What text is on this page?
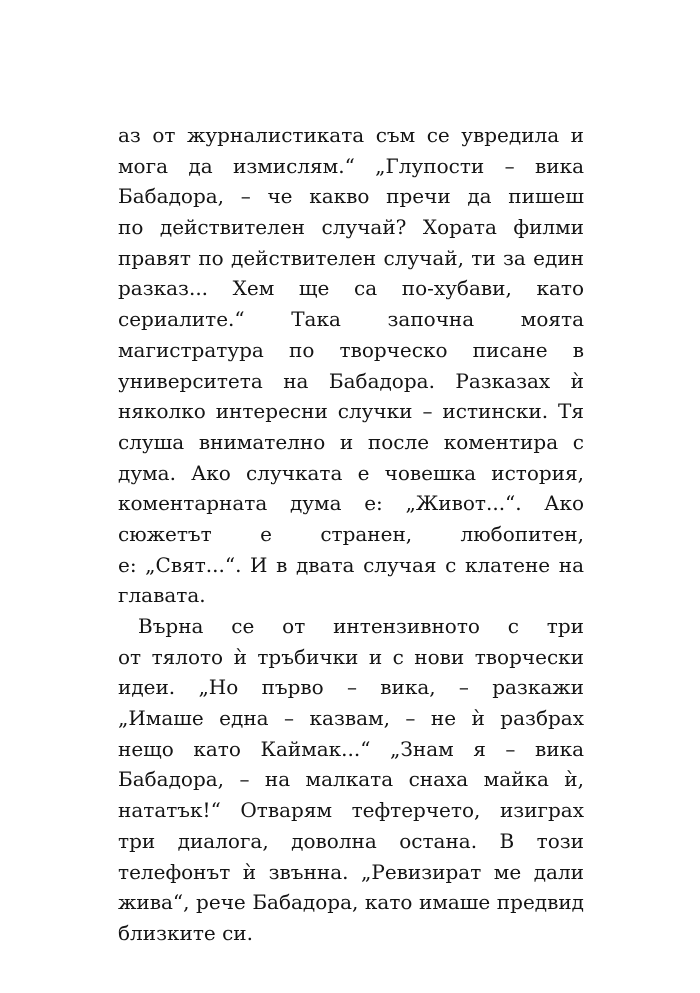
аз от журналистиката съм се увредила и
мога да измислям.“ „Глупости – вика
Бабадора, – че какво пречи да пишеш
по действителен случай? Хората филми
правят по действителен случай, ти за един
разказ... Хем ще са по-хубави, като
сериалите.“ Така започна моята
магистратура по творческо писане в
университета на Бабадора. Разказах ѝ
няколко интересни случки – истински. Тя
слуша внимателно и после коментира с
дума. Ако случката е човешка история,
коментарната дума е: „Живот...“. Ако
сюжетът е странен, любопитен,
е: „Свят...“. И в двата случая с клатене на
главата.
Върна се от интензивното с три
от тялото ѝ тръбички и с нови творчески
идеи. „Но първо – вика, – разкажи
„Имаше една – казвам, – не ѝ разбрах
нещо като Каймак...“ „Знам я – вика
Бабадора, – на малката снаха майка ѝ,
нататък!“ Отварям тефтерчето, изиграх
три диалога, доволна остана. В този
телефонът ѝ звънна. „Ревизират ме дали
жива“, рече Бабадора, като имаше предвид
близките си.
